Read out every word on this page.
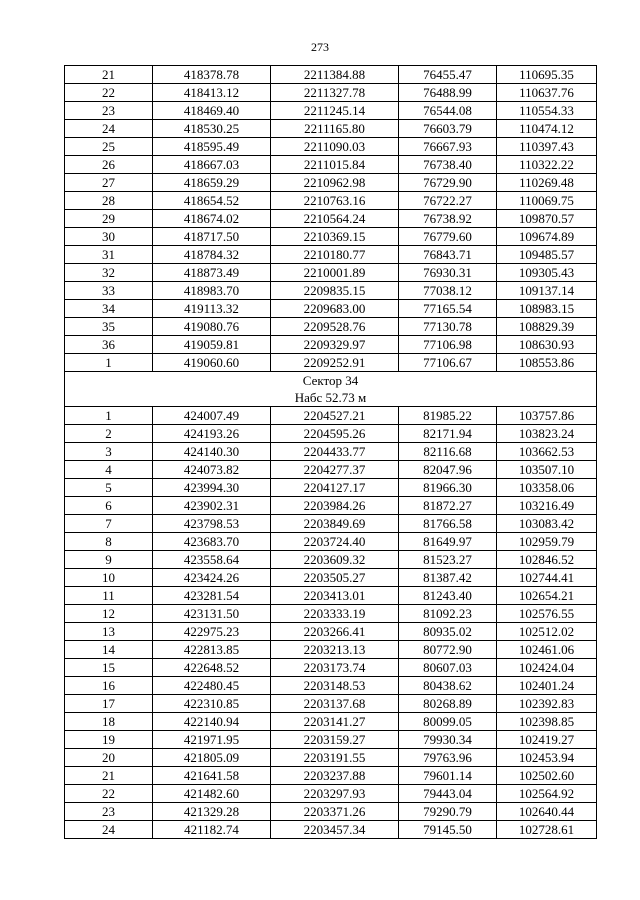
273
21	418378.78	2211384.88	76455.47	110695.35
22	418413.12	2211327.78	76488.99	110637.76
23	418469.40	2211245.14	76544.08	110554.33
24	418530.25	2211165.80	76603.79	110474.12
25	418595.49	2211090.03	76667.93	110397.43
26	418667.03	2211015.84	76738.40	110322.22
27	418659.29	2210962.98	76729.90	110269.48
28	418654.52	2210763.16	76722.27	110069.75
29	418674.02	2210564.24	76738.92	109870.57
30	418717.50	2210369.15	76779.60	109674.89
31	418784.32	2210180.77	76843.71	109485.57
32	418873.49	2210001.89	76930.31	109305.43
33	418983.70	2209835.15	77038.12	109137.14
34	419113.32	2209683.00	77165.54	108983.15
35	419080.76	2209528.76	77130.78	108829.39
36	419059.81	2209329.97	77106.98	108630.93
1	419060.60	2209252.91	77106.67	108553.86

Сектор 34
Набс 52.73 м				

1	424007.49	2204527.21	81985.22	103757.86
2	424193.26	2204595.26	82171.94	103823.24
3	424140.30	2204433.77	82116.68	103662.53
4	424073.82	2204277.37	82047.96	103507.10
5	423994.30	2204127.17	81966.30	103358.06
6	423902.31	2203984.26	81872.27	103216.49
7	423798.53	2203849.69	81766.58	103083.42
8	423683.70	2203724.40	81649.97	102959.79
9	423558.64	2203609.32	81523.27	102846.52
10	423424.26	2203505.27	81387.42	102744.41
11	423281.54	2203413.01	81243.40	102654.21
12	423131.50	2203333.19	81092.23	102576.55
13	422975.23	2203266.41	80935.02	102512.02
14	422813.85	2203213.13	80772.90	102461.06
15	422648.52	2203173.74	80607.03	102424.04
16	422480.45	2203148.53	80438.62	102401.24
17	422310.85	2203137.68	80268.89	102392.83
18	422140.94	2203141.27	80099.05	102398.85
19	421971.95	2203159.27	79930.34	102419.27
20	421805.09	2203191.55	79763.96	102453.94
21	421641.58	2203237.88	79601.14	102502.60
22	421482.60	2203297.93	79443.04	102564.92
23	421329.28	2203371.26	79290.79	102640.44
24	421182.74	2203457.34	79145.50	102728.61
